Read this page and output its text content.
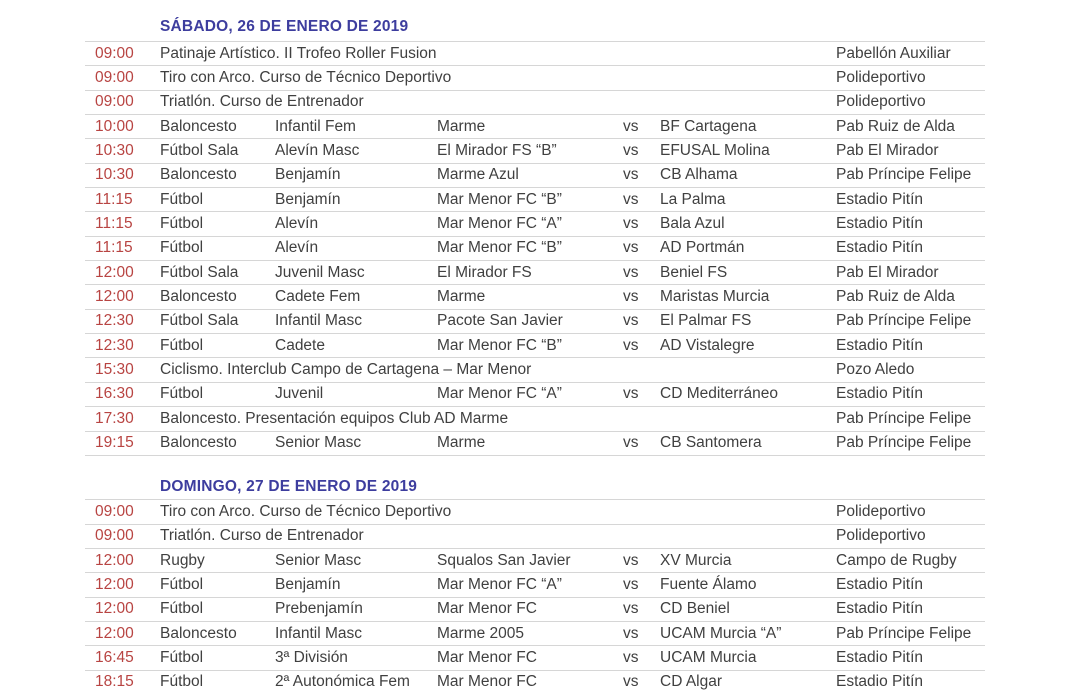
SÁBADO, 26 DE ENERO DE 2019
09:00	Patinaje Artístico. II Trofeo Roller Fusion	Pabellón Auxiliar
09:00	Tiro con Arco. Curso de Técnico Deportivo	Polideportivo
09:00	Triatlón. Curso de Entrenador	Polideportivo
10:00	Baloncesto	Infantil Fem	Marme	vs	BF Cartagena	Pab Ruiz de Alda
10:30	Fútbol Sala	Alevín Masc	El Mirador FS “B”	vs	EFUSAL Molina	Pab El Mirador
10:30	Baloncesto	Benjamín	Marme Azul	vs	CB Alhama	Pab Príncipe Felipe
11:15	Fútbol	Benjamín	Mar Menor FC “B”	vs	La Palma	Estadio Pitín
11:15	Fútbol	Alevín	Mar Menor FC “A”	vs	Bala Azul	Estadio Pitín
11:15	Fútbol	Alevín	Mar Menor FC “B”	vs	AD Portmán	Estadio Pitín
12:00	Fútbol Sala	Juvenil Masc	El Mirador FS	vs	Beniel FS	Pab El Mirador
12:00	Baloncesto	Cadete Fem	Marme	vs	Maristas Murcia	Pab Ruiz de Alda
12:30	Fútbol Sala	Infantil Masc	Pacote San Javier	vs	El Palmar FS	Pab Príncipe Felipe
12:30	Fútbol	Cadete	Mar Menor FC “B”	vs	AD Vistalegre	Estadio Pitín
15:30	Ciclismo. Interclub Campo de Cartagena – Mar Menor	Pozo Aledo
16:30	Fútbol	Juvenil	Mar Menor FC “A”	vs	CD Mediterráneo	Estadio Pitín
17:30	Baloncesto. Presentación equipos Club AD Marme	Pab Príncipe Felipe
19:15	Baloncesto	Senior Masc	Marme	vs	CB Santomera	Pab Príncipe Felipe
DOMINGO, 27 DE ENERO DE 2019
09:00	Tiro con Arco. Curso de Técnico Deportivo	Polideportivo
09:00	Triatlón. Curso de Entrenador	Polideportivo
12:00	Rugby	Senior Masc	Squalos San Javier	vs	XV Murcia	Campo de Rugby
12:00	Fútbol	Benjamín	Mar Menor FC “A”	vs	Fuente Álamo	Estadio Pitín
12:00	Fútbol	Prebenjamín	Mar Menor FC	vs	CD Beniel	Estadio Pitín
12:00	Baloncesto	Infantil Masc	Marme 2005	vs	UCAM Murcia “A”	Pab Príncipe Felipe
16:45	Fútbol	3ª División	Mar Menor FC	vs	UCAM Murcia	Estadio Pitín
18:15	Fútbol	2ª Autonómica Fem	Mar Menor FC	vs	CD Algar	Estadio Pitín
